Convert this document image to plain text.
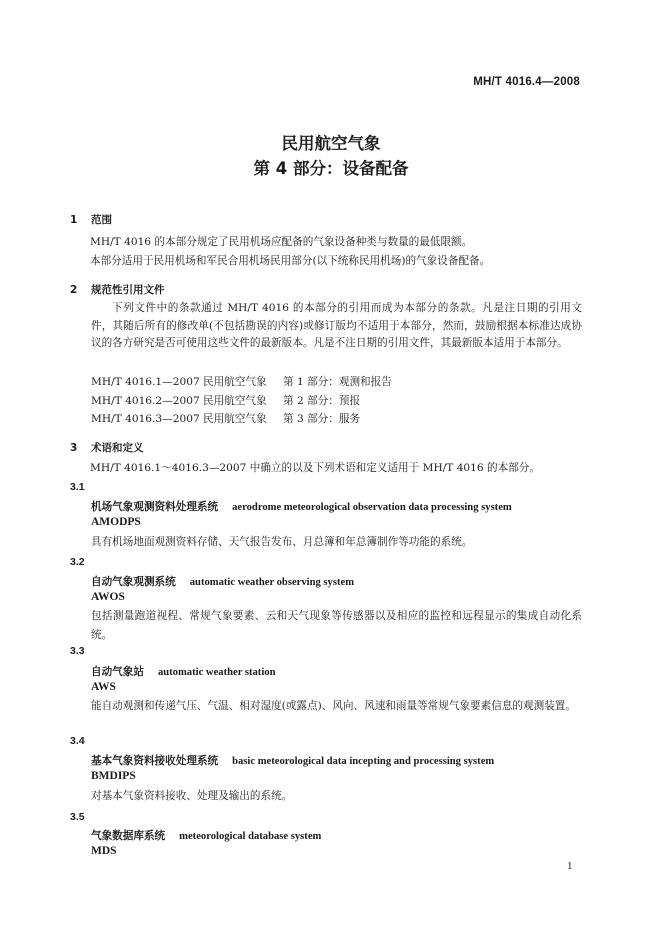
MH/T 4016.4—2008
民用航空气象
第 4 部分：设备配备
1 范围
MH/T 4016 的本部分规定了民用机场应配备的气象设备种类与数量的最低限额。
本部分适用于民用机场和军民合用机场民用部分(以下统称民用机场)的气象设备配备。
2 规范性引用文件
下列文件中的条款通过 MH/T 4016 的本部分的引用而成为本部分的条款。凡是注日期的引用文件，其随后所有的修改单(不包括勘误的内容)或修订版均不适用于本部分，然而，鼓励根据本标准达成协议的各方研究是否可使用这些文件的最新版本。凡是不注日期的引用文件，其最新版本适用于本部分。
MH/T 4016.1—2007 民用航空气象 第 1 部分：观测和报告
MH/T 4016.2—2007 民用航空气象 第 2 部分：预报
MH/T 4016.3—2007 民用航空气象 第 3 部分：服务
3 术语和定义
MH/T 4016.1～4016.3—2007 中确立的以及下列术语和定义适用于 MH/T 4016 的本部分。
3.1
机场气象观测资料处理系统 aerodrome meteorological observation data processing system
AMODPS
具有机场地面观测资料存储、天气报告发布、月总簿和年总簿制作等功能的系统。
3.2
自动气象观测系统 automatic weather observing system
AWOS
包括测量跑道视程、常规气象要素、云和天气现象等传感器以及相应的监控和远程显示的集成自动化系统。
3.3
自动气象站 automatic weather station
AWS
能自动观测和传递气压、气温、相对湿度(或露点)、风向、风速和雨量等常规气象要素信息的观测装置。
3.4
基本气象资料接收处理系统 basic meteorological data incepting and processing system
BMDIPS
对基本气象资料接收、处理及输出的系统。
3.5
气象数据库系统 meteorological database system
MDS
1
